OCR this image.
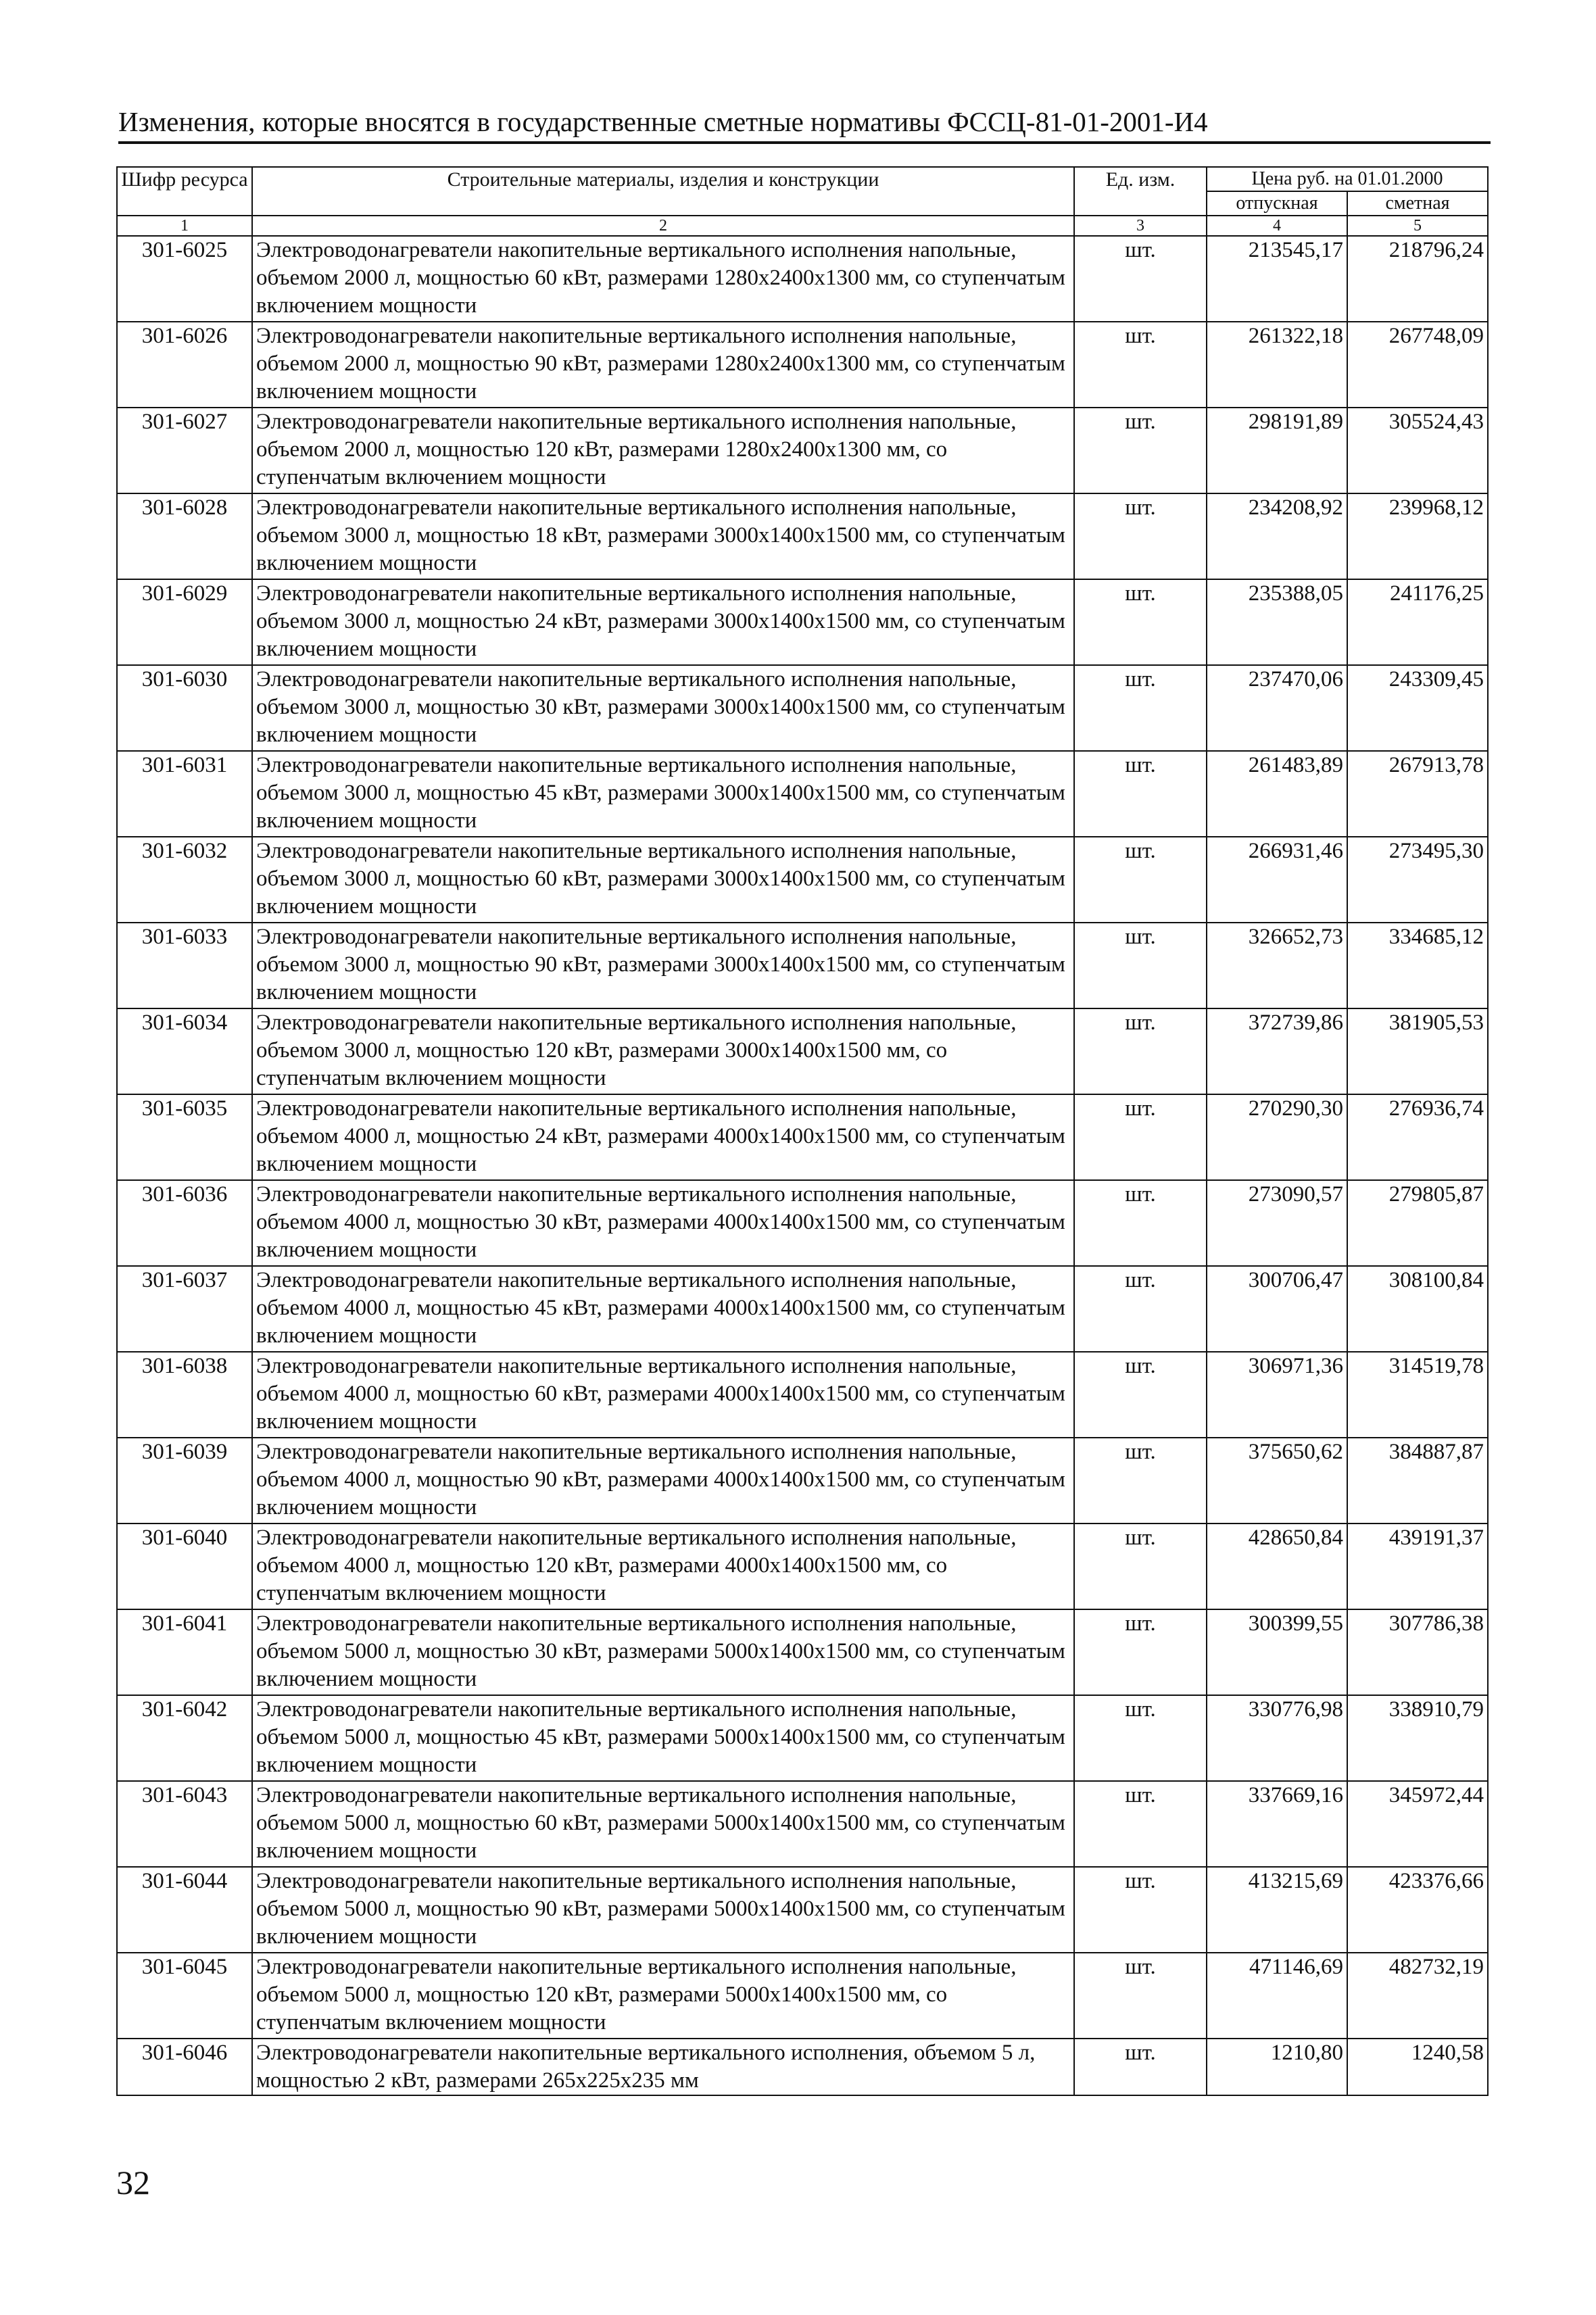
Изменения, которые вносятся в государственные сметные нормативы ФССЦ-81-01-2001-И4
Шифр ресурса	Строительные материалы, изделия и конструкции	Ед. изм.	Цена руб. на 01.01.2000	
			отпускная	сметная
1	2	3	4	5
301-6025	Электроводонагреватели накопительные вертикального исполнения напольные, объемом 2000 л, мощностью 60 кВт, размерами 1280х2400х1300 мм, со ступенчатым включением мощности	шт.	213545,17	218796,24
301-6026	Электроводонагреватели накопительные вертикального исполнения напольные, объемом 2000 л, мощностью 90 кВт, размерами 1280х2400х1300 мм, со ступенчатым включением мощности	шт.	261322,18	267748,09
301-6027	Электроводонагреватели накопительные вертикального исполнения напольные, объемом 2000 л, мощностью 120 кВт, размерами 1280х2400х1300 мм, со ступенчатым включением мощности	шт.	298191,89	305524,43
301-6028	Электроводонагреватели накопительные вертикального исполнения напольные, объемом 3000 л, мощностью 18 кВт, размерами 3000х1400х1500 мм, со ступенчатым включением мощности	шт.	234208,92	239968,12
301-6029	Электроводонагреватели накопительные вертикального исполнения напольные, объемом 3000 л, мощностью 24 кВт, размерами 3000х1400х1500 мм, со ступенчатым включением мощности	шт.	235388,05	241176,25
301-6030	Электроводонагреватели накопительные вертикального исполнения напольные, объемом 3000 л, мощностью 30 кВт, размерами 3000х1400х1500 мм, со ступенчатым включением мощности	шт.	237470,06	243309,45
301-6031	Электроводонагреватели накопительные вертикального исполнения напольные, объемом 3000 л, мощностью 45 кВт, размерами 3000х1400х1500 мм, со ступенчатым включением мощности	шт.	261483,89	267913,78
301-6032	Электроводонагреватели накопительные вертикального исполнения напольные, объемом 3000 л, мощностью 60 кВт, размерами 3000х1400х1500 мм, со ступенчатым включением мощности	шт.	266931,46	273495,30
301-6033	Электроводонагреватели накопительные вертикального исполнения напольные, объемом 3000 л, мощностью 90 кВт, размерами 3000х1400х1500 мм, со ступенчатым включением мощности	шт.	326652,73	334685,12
301-6034	Электроводонагреватели накопительные вертикального исполнения напольные, объемом 3000 л, мощностью 120 кВт, размерами 3000х1400х1500 мм, со ступенчатым включением мощности	шт.	372739,86	381905,53
301-6035	Электроводонагреватели накопительные вертикального исполнения напольные, объемом 4000 л, мощностью 24 кВт, размерами 4000х1400х1500 мм, со ступенчатым включением мощности	шт.	270290,30	276936,74
301-6036	Электроводонагреватели накопительные вертикального исполнения напольные, объемом 4000 л, мощностью 30 кВт, размерами 4000х1400х1500 мм, со ступенчатым включением мощности	шт.	273090,57	279805,87
301-6037	Электроводонагреватели накопительные вертикального исполнения напольные, объемом 4000 л, мощностью 45 кВт, размерами 4000х1400х1500 мм, со ступенчатым включением мощности	шт.	300706,47	308100,84
301-6038	Электроводонагреватели накопительные вертикального исполнения напольные, объемом 4000 л, мощностью 60 кВт, размерами 4000х1400х1500 мм, со ступенчатым включением мощности	шт.	306971,36	314519,78
301-6039	Электроводонагреватели накопительные вертикального исполнения напольные, объемом 4000 л, мощностью 90 кВт, размерами 4000х1400х1500 мм, со ступенчатым включением мощности	шт.	375650,62	384887,87
301-6040	Электроводонагреватели накопительные вертикального исполнения напольные, объемом 4000 л, мощностью 120 кВт, размерами 4000х1400х1500 мм, со ступенчатым включением мощности	шт.	428650,84	439191,37
301-6041	Электроводонагреватели накопительные вертикального исполнения напольные, объемом 5000 л, мощностью 30 кВт, размерами 5000х1400х1500 мм, со ступенчатым включением мощности	шт.	300399,55	307786,38
301-6042	Электроводонагреватели накопительные вертикального исполнения напольные, объемом 5000 л, мощностью 45 кВт, размерами 5000х1400х1500 мм, со ступенчатым включением мощности	шт.	330776,98	338910,79
301-6043	Электроводонагреватели накопительные вертикального исполнения напольные, объемом 5000 л, мощностью 60 кВт, размерами 5000х1400х1500 мм, со ступенчатым включением мощности	шт.	337669,16	345972,44
301-6044	Электроводонагреватели накопительные вертикального исполнения напольные, объемом 5000 л, мощностью 90 кВт, размерами 5000х1400х1500 мм, со ступенчатым включением мощности	шт.	413215,69	423376,66
301-6045	Электроводонагреватели накопительные вертикального исполнения напольные, объемом 5000 л, мощностью 120 кВт, размерами 5000х1400х1500 мм, со ступенчатым включением мощности	шт.	471146,69	482732,19
301-6046	Электроводонагреватели накопительные вертикального исполнения, объемом 5 л, мощностью 2 кВт, размерами 265х225х235 мм	шт.	1210,80	1240,58
32
